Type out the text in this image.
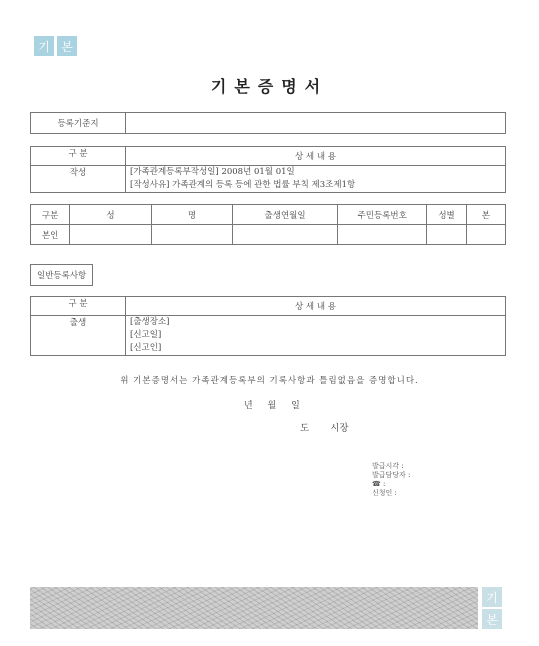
기 본
기본증명서
등록기준지	
구 분	상 세 내 용
작성	[가족관계등록부작성일] 2008년 01월 01일
[작성사유] 가족관계의 등록 등에 관한 법률 부칙 제3조제1항
구분	성	명	출생연월일	주민등록번호	성별	본
본인						
일반등록사항
구 분	상 세 내 용
출생	[출생장소]
[신고일]
[신고인]
위 기본증명서는 가족관계등록부의 기록사항과 틀림없음을 증명합니다.
년 월 일
도 시장
발급시각 :
발급담당자 :
☎ :
신청인 :
기
본
